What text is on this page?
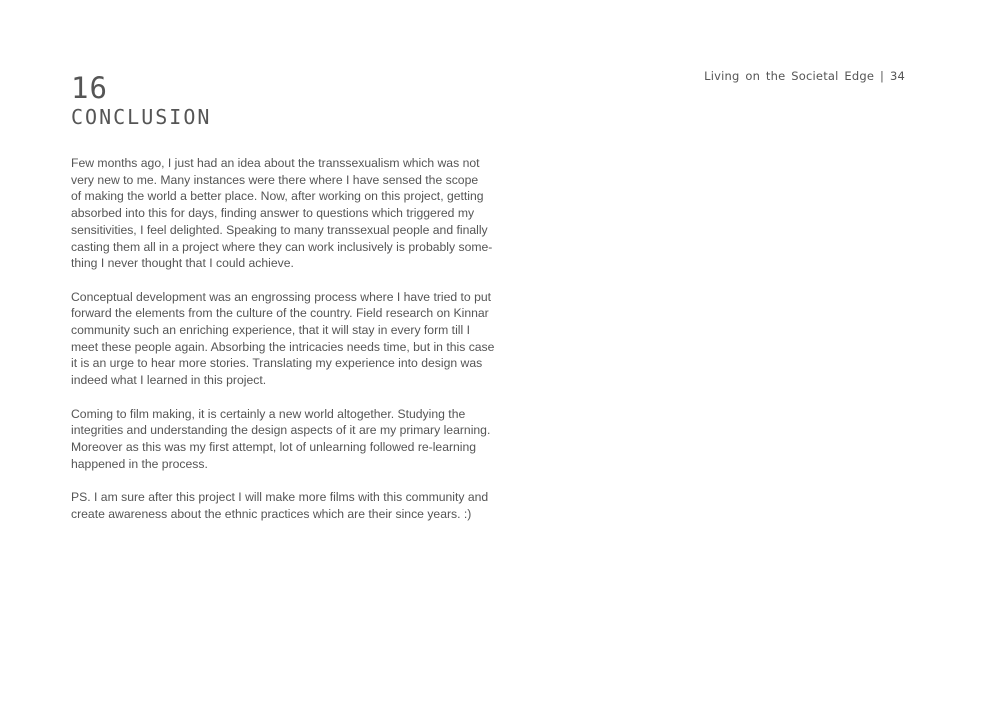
Living on the Societal Edge | 34
16
CONCLUSION

Few months ago, I just had an idea about the transsexualism which was not
very new to me. Many instances were there where I have sensed the scope
of making the world a better place. Now, after working on this project, getting
absorbed into this for days, finding answer to questions which triggered my
sensitivities, I feel delighted. Speaking to many transsexual people and finally
casting them all in a project where they can work inclusively is probably some-
thing I never thought that I could achieve.

Conceptual development was an engrossing process where I have tried to put
forward the elements from the culture of the country. Field research on Kinnar
community such an enriching experience, that it will stay in every form till I
meet these people again. Absorbing the intricacies needs time, but in this case
it is an urge to hear more stories. Translating my experience into design was
indeed what I learned in this project.

Coming to film making, it is certainly a new world altogether. Studying the
integrities and understanding the design aspects of it are my primary learning.
Moreover as this was my first attempt, lot of unlearning followed re-learning
happened in the process.

PS. I am sure after this project I will make more films with this community and
create awareness about the ethnic practices which are their since years. :)
